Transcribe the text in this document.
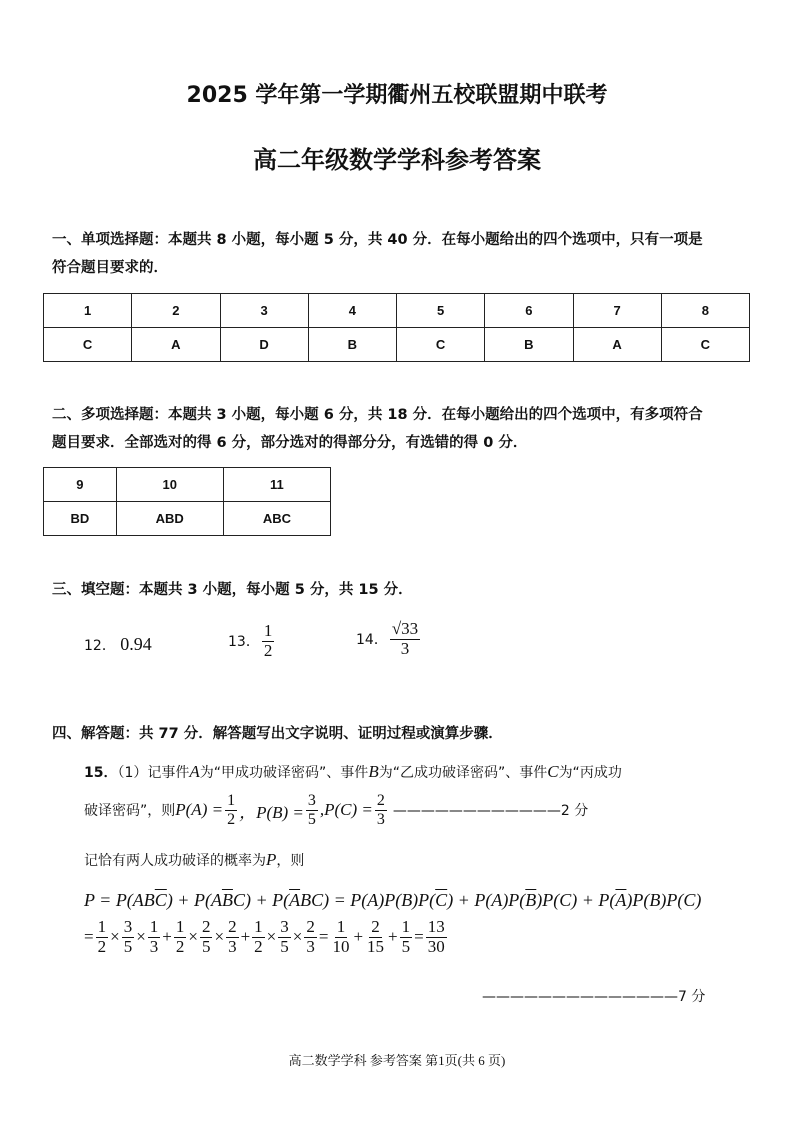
2025 学年第一学期衢州五校联盟期中联考
高二年级数学学科参考答案
一、单项选择题：本题共 8 小题，每小题 5 分，共 40 分．在每小题给出的四个选项中，只有一项是
符合题目要求的．
1	2	3	4	5	6	7	8
C	A	D	B	C	B	A	C
二、多项选择题：本题共 3 小题，每小题 6 分，共 18 分．在每小题给出的四个选项中，有多项符合
题目要求．全部选对的得 6 分，部分选对的得部分分，有选错的得 0 分．
9	10	11
BD	ABD	ABC
三、填空题：本题共 3 小题，每小题 5 分，共 15 分．
12． 0.94	13． $\frac{1}{2}$	14． $\frac{√33}{3}$
四、解答题：共 77 分．解答题写出文字说明、证明过程或演算步骤．
15．（1）记事件A为“甲成功破译密码”、事件B为“乙成功破译密码”、事件C为“丙成功
破译密码”，则 $P(A) = \frac{1}{2}$ ，$P(B) = \frac{3}{5} ,P(C) = \frac{2}{3}$ ————————————2 分
记恰有两人成功破译的概率为P，则
$P = P(AB\overline{C}) + P(A\overline{B}C) + P(\overline{A}BC) = P(A)P(B)P(\overline{C}) + P(A)P(\overline{B})P(C) + P(\overline{A})P(B)P(C)$
= $\frac{1}{2} \times \frac{3}{5} \times \frac{1}{3} + \frac{1}{2} \times \frac{2}{5} \times \frac{2}{3} + \frac{1}{2} \times \frac{3}{5} \times \frac{2}{3} = \frac{1}{10} + \frac{2}{15} + \frac{1}{5} = \frac{13}{30}$
——————————————7 分
高二数学学科 参考答案 第1页(共 6 页)
